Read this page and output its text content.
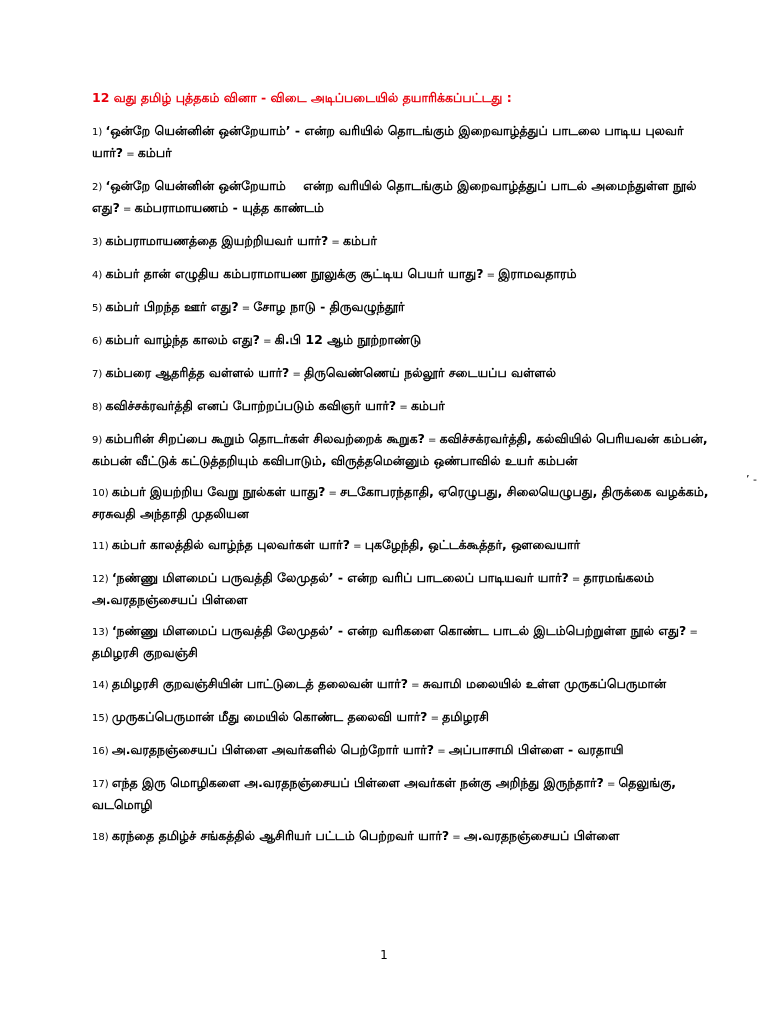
12 வது தமிழ் புத்தகம் வினா - விடை அடிப்படையில் தயாரிக்கப்பட்டது :
1) ‘ஒன்றே யென்னின் ஒன்றேயாம்’ - என்ற வரியில் தொடங்கும் இறைவாழ்த்துப் பாடலை பாடிய புலவர் யார்? = கம்பர்
2) ‘ஒன்றே யென்னின் ஒன்றேயாம்    என்ற வரியில் தொடங்கும் இறைவாழ்த்துப் பாடல் அமைந்துள்ள நூல் எது? = கம்பராமாயணம் - யுத்த காண்டம்
3) கம்பராமாயணத்தை இயற்றியவர் யார்? = கம்பர்
4) கம்பர் தான் எழுதிய கம்பராமாயண நூலுக்கு சூட்டிய பெயர் யாது? = இராமவதாரம்
5) கம்பர் பிறந்த ஊர் எது? = சோழ நாடு - திருவழுந்தூர்
6) கம்பர் வாழ்ந்த காலம் எது? = கி.பி 12 ஆம் நூற்றாண்டு
7) கம்பரை ஆதரித்த வள்ளல் யார்? = திருவெண்ணெய் நல்லூர் சடையப்ப வள்ளல்
8) கவிச்சக்ரவர்த்தி எனப் போற்றப்படும் கவிஞர் யார்? = கம்பர்
9) கம்பரின் சிறப்பை கூறும் தொடர்கள் சிலவற்றைக் கூறுக? = கவிச்சக்ரவர்த்தி, கல்வியில் பெரியவன் கம்பன், கம்பன் வீட்டுக் கட்டுத்தறியும் கவிபாடும், விருத்தமென்னும் ஒண்பாவில் உயர் கம்பன்
10) கம்பர் இயற்றிய வேறு நூல்கள் யாது? = சடகோபரந்தாதி, ஏரெழுபது, சிலையெழுபது, திருக்கை வழக்கம், சரசுவதி அந்தாதி முதலியன
11) கம்பர் காலத்தில் வாழ்ந்த புலவர்கள் யார்? = புகழேந்தி, ஒட்டக்கூத்தர், ஔவையார்
12) ‘நண்ணு மிளமைப் பருவத்தி லேமுதல்’ - என்ற வரிப் பாடலைப் பாடியவர் யார்? = தாரமங்கலம் அ.வரதநஞ்சையப் பிள்ளை
13) ‘நண்ணு மிளமைப் பருவத்தி லேமுதல்’ - என்ற வரிகளை கொண்ட பாடல் இடம்பெற்றுள்ள நூல் எது? = தமிழரசி குறவஞ்சி
14) தமிழரசி குறவஞ்சியின் பாட்டுடைத் தலைவன் யார்? = சுவாமி மலையில் உள்ள முருகப்பெருமான்
15) முருகப்பெருமான் மீது மையில் கொண்ட தலைவி யார்? = தமிழரசி
16) அ.வரதநஞ்சையப் பிள்ளை அவர்களில் பெற்றோர் யார்? = அப்பாசாமி பிள்ளை - வரதாயி
17) எந்த இரு மொழிகளை அ.வரதநஞ்சையப் பிள்ளை அவர்கள் நன்கு அறிந்து இருந்தார்? = தெலுங்கு, வடமொழி
18) கரந்தை தமிழ்ச் சங்கத்தில் ஆசிரியர் பட்டம் பெற்றவர் யார்? = அ.வரதநஞ்சையப் பிள்ளை
’ -
1
